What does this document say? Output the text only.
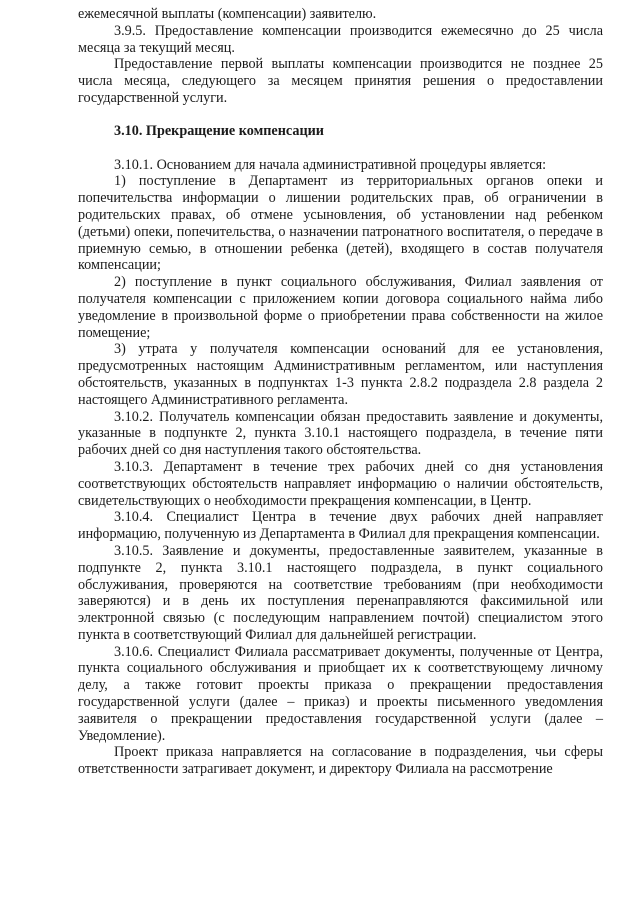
ежемесячной выплаты (компенсации) заявителю.

3.9.5. Предоставление компенсации производится ежемесячно до 25 числа месяца за текущий месяц.

Предоставление первой выплаты компенсации производится не позднее 25 числа месяца, следующего за месяцем принятия решения о предоставлении государственной услуги.

3.10. Прекращение компенсации

3.10.1. Основанием для начала административной процедуры является:

1) поступление в Департамент из территориальных органов опеки и попечительства информации о лишении родительских прав, об ограничении в родительских правах, об отмене усыновления, об установлении над ребенком (детьми) опеки, попечительства, о назначении патронатного воспитателя, о передаче в приемную семью, в отношении ребенка (детей), входящего в состав получателя компенсации;

2) поступление в пункт социального обслуживания, Филиал заявления от получателя компенсации с приложением копии договора социального найма либо уведомление в произвольной форме о приобретении права собственности на жилое помещение;

3) утрата у получателя компенсации оснований для ее установления, предусмотренных настоящим Административным регламентом, или наступления обстоятельств, указанных в подпунктах 1-3 пункта 2.8.2 подраздела 2.8 раздела 2 настоящего Административного регламента.

3.10.2. Получатель компенсации обязан предоставить заявление и документы, указанные в подпункте 2, пункта 3.10.1 настоящего подраздела, в течение пяти рабочих дней со дня наступления такого обстоятельства.

3.10.3. Департамент в течение трех рабочих дней со дня установления соответствующих обстоятельств направляет информацию о наличии обстоятельств, свидетельствующих о необходимости прекращения компенсации, в Центр.

3.10.4. Специалист Центра в течение двух рабочих дней направляет информацию, полученную из Департамента в Филиал для прекращения компенсации.

3.10.5. Заявление и документы, предоставленные заявителем, указанные в подпункте 2, пункта 3.10.1 настоящего подраздела, в пункт социального обслуживания, проверяются на соответствие требованиям (при необходимости заверяются) и в день их поступления перенаправляются факсимильной или электронной связью (с последующим направлением почтой) специалистом этого пункта в соответствующий Филиал для дальнейшей регистрации.

3.10.6. Специалист Филиала рассматривает документы, полученные от Центра, пункта социального обслуживания и приобщает их к соответствующему личному делу, а также готовит проекты приказа о прекращении предоставления государственной услуги (далее – приказ) и проекты письменного уведомления заявителя о прекращении предоставления государственной услуги (далее – Уведомление).

Проект приказа направляется на согласование в подразделения, чьи сферы ответственности затрагивает документ, и директору Филиала на рассмотрение
